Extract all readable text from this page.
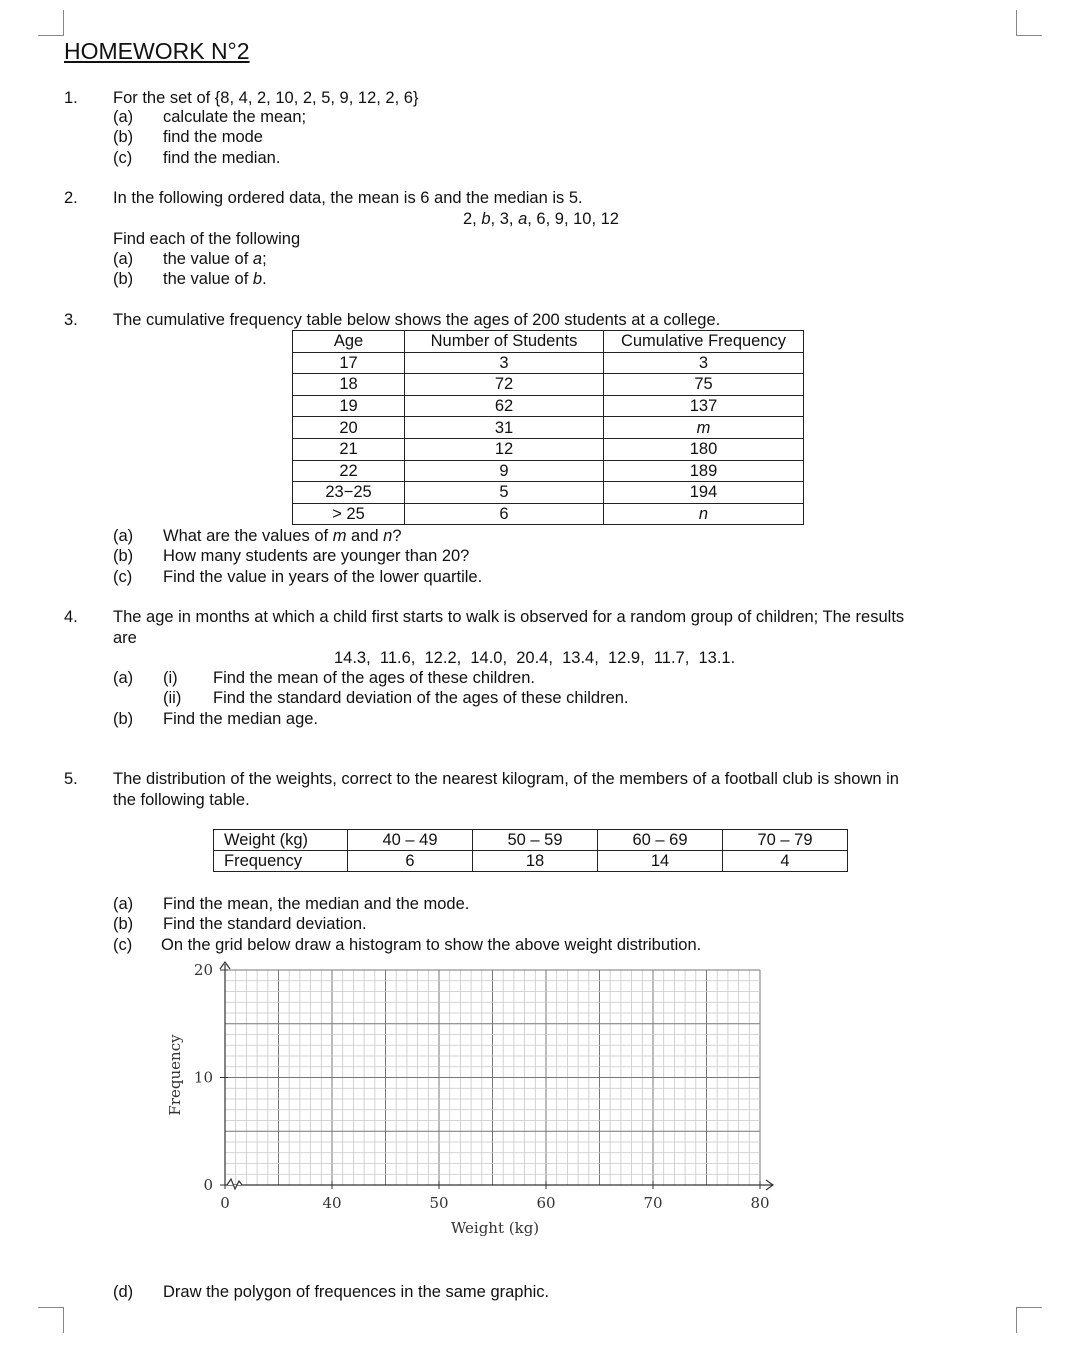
HOMEWORK N°2
1. For the set of {8, 4, 2, 10, 2, 5, 9, 12, 2, 6}
(a) calculate the mean;
(b) find the mode
(c) find the median.
2. In the following ordered data, the mean is 6 and the median is 5.
2, b, 3, a, 6, 9, 10, 12
Find each of the following
(a) the value of a;
(b) the value of b.
3. The cumulative frequency table below shows the ages of 200 students at a college.
Age	Number of Students	Cumulative Frequency
17	3	3
18	72	75
19	62	137
20	31	m
21	12	180
22	9	189
23−25	5	194
> 25	6	n
(a) What are the values of m and n?
(b) How many students are younger than 20?
(c) Find the value in years of the lower quartile.
4. The age in months at which a child first starts to walk is observed for a random group of children; The results
are
14.3,  11.6,  12.2,  14.0,  20.4,  13.4,  12.9,  11.7,  13.1.
(a) (i) Find the mean of the ages of these children.
(ii) Find the standard deviation of the ages of these children.
(b) Find the median age.
5. The distribution of the weights, correct to the nearest kilogram, of the members of a football club is shown in
the following table.
Weight (kg)	40 – 49	50 – 59	60 – 69	70 – 79
Frequency	6	18	14	4
(a) Find the mean, the median and the mode.
(b) Find the standard deviation.
(c) On the grid below draw a histogram to show the above weight distribution.
0	40	50	60	70	80
0
10
20
Weight (kg)
Frequency
(d) Draw the polygon of frequences in the same graphic.
